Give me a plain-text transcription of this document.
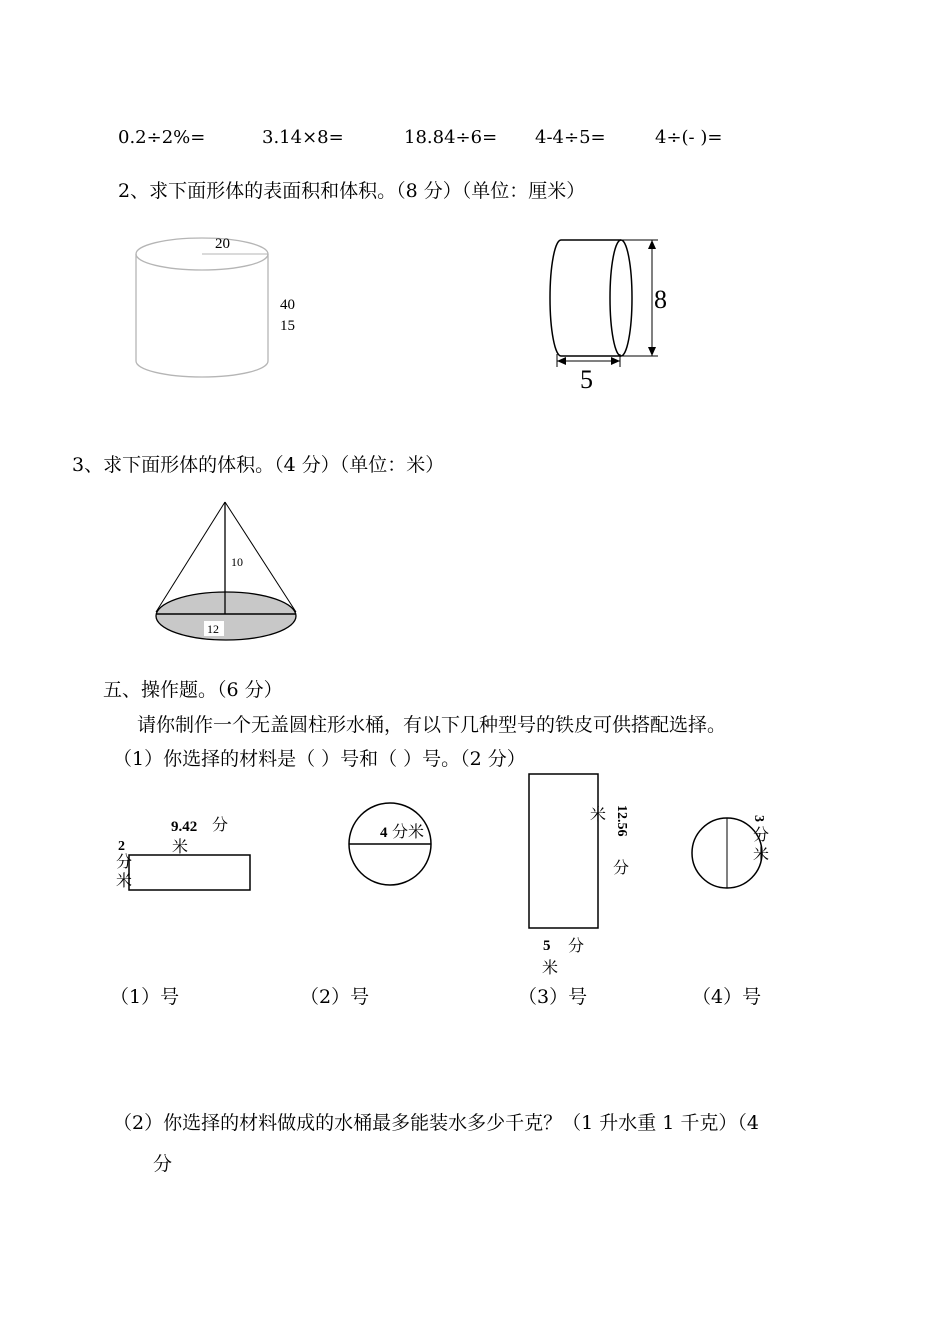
0.2÷2%=	3.14×8=	18.84÷6= 4-4÷5=	4÷(- )=
2、求下面形体的表面积和体积。（8 分）（单位：厘米）
20
40
15
8
5
3、求下面形体的体积。（4 分）（单位：米）
10
12
五、操作题。（6 分）
请你制作一个无盖圆柱形水桶，有以下几种型号的铁皮可供搭配选择。
（1）你选择的材料是（ ）号和（ ）号。（2 分）
9.42 分
米
2
分
米
4 分米
米 12.56
分
5 分
米
3
分
米
（1）号	（2）号	（3）号	（4）号
（2）你选择的材料做成的水桶最多能装水多少千克？（1 升水重 1 千克）（4
分
